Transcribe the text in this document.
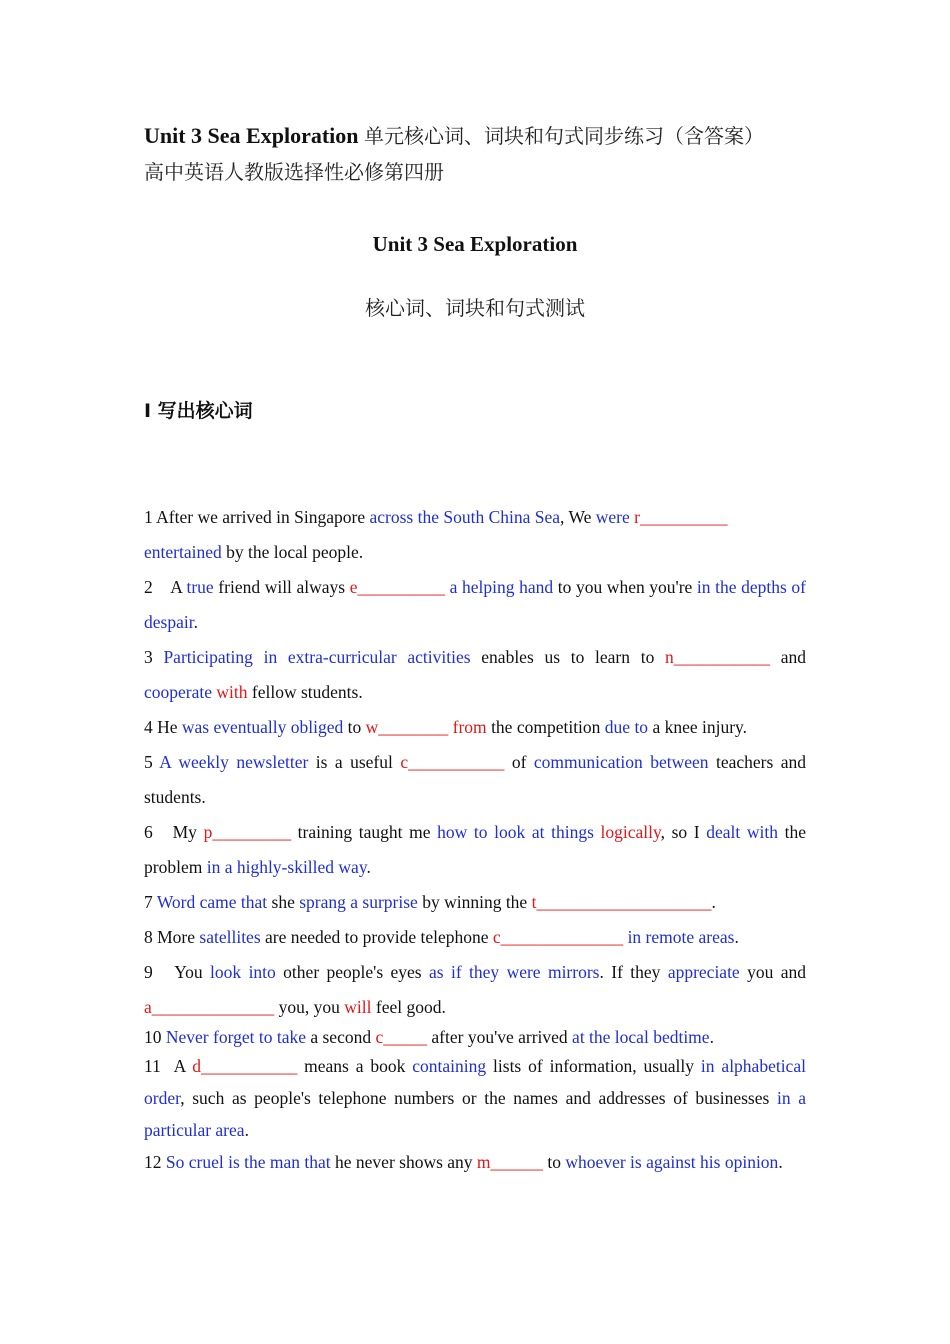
Unit 3 Sea Exploration 单元核心词、词块和句式同步练习（含答案）
高中英语人教版选择性必修第四册
Unit 3 Sea Exploration
核心词、词块和句式测试
I 写出核心词
1 After we arrived in Singapore across the South China Sea, We were r__________
entertained by the local people.
2 A true friend will always e__________ a helping hand to you when you're in the depths of despair.
3 Participating in extra-curricular activities enables us to learn to n___________ and cooperate with fellow students.
4 He was eventually obliged to w________ from the competition due to a knee injury.
5 A weekly newsletter is a useful c___________ of communication between teachers and students.
6 My p_________ training taught me how to look at things logically, so I dealt with the problem in a highly-skilled way.
7 Word came that she sprang a surprise by winning the t____________________.
8 More satellites are needed to provide telephone c______________ in remote areas.
9 You look into other people's eyes as if they were mirrors. If they appreciate you and a______________ you, you will feel good.
10 Never forget to take a second c_____ after you've arrived at the local bedtime.
11 A d___________ means a book containing lists of information, usually in alphabetical order, such as people's telephone numbers or the names and addresses of businesses in a particular area.
12 So cruel is the man that he never shows any m______ to whoever is against his opinion.
